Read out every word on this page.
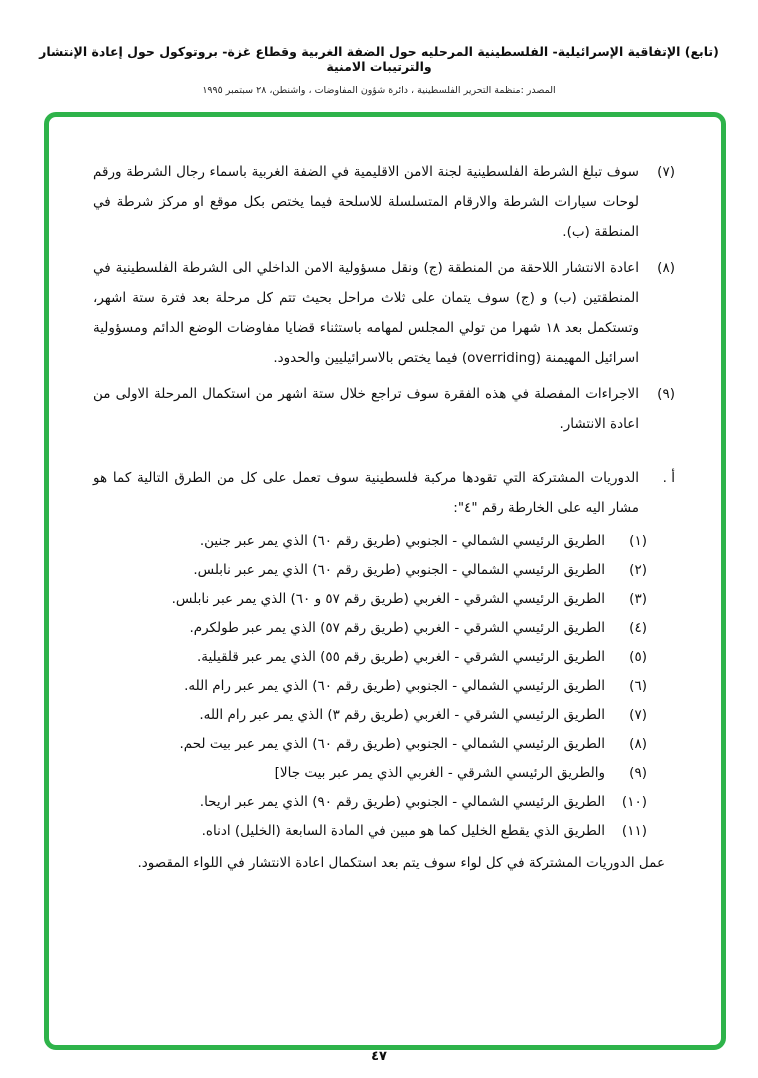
(تابع) الإتفاقية الإسرائيلية- الفلسطينية المرحليه حول الضفة الغربية وقطاع غزة- بروتوكول حول إعادة الإنتشار والترتيبات الامنية
المصدر :منظمة التحرير الفلسطينية ، دائرة شؤون المفاوضات ، واشنطن، ٢٨ سبتمبر ١٩٩٥
(٧)

سوف تبلغ الشرطة الفلسطينية لجنة الامن الاقليمية في الضفة الغربية باسماء رجال الشرطة ورقم لوحات سيارات الشرطة والارقام المتسلسلة للاسلحة فيما يختص بكل موقع او مركز شرطة في المنطقة (ب).

(٨)

اعادة الانتشار اللاحقة من المنطقة (ج) ونقل مسؤولية الامن الداخلي الى الشرطة الفلسطينية في المنطقتين (ب) و (ج) سوف يتمان على ثلاث مراحل بحيث تتم كل مرحلة بعد فترة ستة اشهر، وتستكمل بعد ١٨ شهرا من تولي المجلس لمهامه باستثناء قضايا مفاوضات الوضع الدائم ومسؤولية اسرائيل المهيمنة (overriding) فيما يختص بالاسرائيليين والحدود.

(٩)

الاجراءات المفصلة في هذه الفقرة سوف تراجع خلال ستة اشهر من استكمال المرحلة الاولى من اعادة الانتشار.

أ .

الدوريات المشتركة التي تقودها مركبة فلسطينية سوف تعمل على كل من الطرق التالية كما هو مشار اليه على الخارطة رقم "٤":

(١)

الطريق الرئيسي الشمالي - الجنوبي (طريق رقم ٦٠) الذي يمر عبر جنين.

(٢)

الطريق الرئيسي الشمالي - الجنوبي (طريق رقم ٦٠) الذي يمر عبر نابلس.

(٣)

الطريق الرئيسي الشرقي - الغربي (طريق رقم ٥٧ و ٦٠) الذي يمر عبر نابلس.

(٤)

الطريق الرئيسي الشرقي - الغربي (طريق رقم ٥٧) الذي يمر عبر طولكرم.

(٥)

الطريق الرئيسي الشرقي - الغربي (طريق رقم ٥٥) الذي يمر عبر قلقيلية.

(٦)

الطريق الرئيسي الشمالي - الجنوبي (طريق رقم ٦٠) الذي يمر عبر رام الله.

(٧)

الطريق الرئيسي الشرقي - الغربي (طريق رقم ٣) الذي يمر عبر رام الله.

(٨)

الطريق الرئيسي الشمالي - الجنوبي (طريق رقم ٦٠) الذي يمر عبر بيت لحم.

(٩)

والطريق الرئيسي الشرقي - الغربي الذي يمر عبر بيت جالا]

(١٠)

الطريق الرئيسي الشمالي - الجنوبي (طريق رقم ٩٠) الذي يمر عبر اريحا.

(١١)

الطريق الذي يقطع الخليل كما هو مبين في المادة السابعة (الخليل) ادناه.

عمل الدوريات المشتركة في كل لواء سوف يتم بعد استكمال اعادة الانتشار في اللواء المقصود.

٤٧
